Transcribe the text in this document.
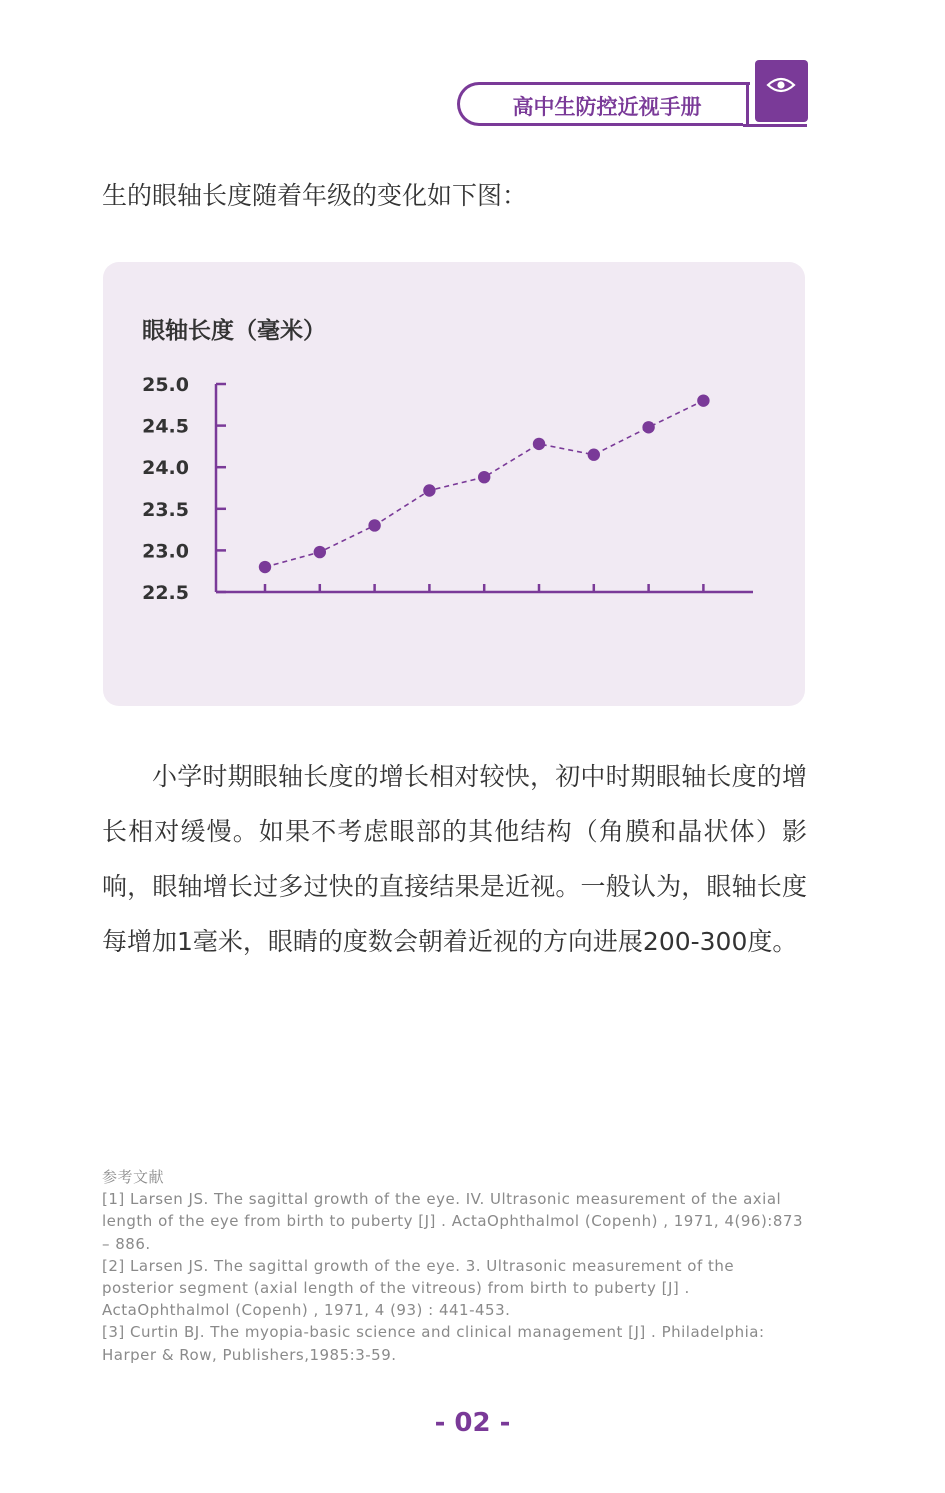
高中生防控近视手册
生的眼轴长度随着年级的变化如下图：
眼轴长度（毫米）
25.0
24.5
24.0
23.5
23.0
22.5

小学时期眼轴长度的增长相对较快，初中时期眼轴长度的增长相对缓慢。如果不考虑眼部的其他结构（角膜和晶状体）影响，眼轴增长过多过快的直接结果是近视。一般认为，眼轴长度每增加1毫米，眼睛的度数会朝着近视的方向进展200-300度。

参考文献
[1] Larsen JS. The sagittal growth of the eye. IV. Ultrasonic measurement of the axial length of the eye from birth to puberty [J] . ActaOphthalmol (Copenh) , 1971, 4(96):873 – 886.
[2] Larsen JS. The sagittal growth of the eye. 3. Ultrasonic measurement of the posterior segment (axial length of the vitreous) from birth to puberty [J] . ActaOphthalmol (Copenh) , 1971, 4 (93) : 441-453.
[3] Curtin BJ. The myopia-basic science and clinical management [J] . Philadelphia: Harper & Row, Publishers,1985:3-59.
- 02 -
